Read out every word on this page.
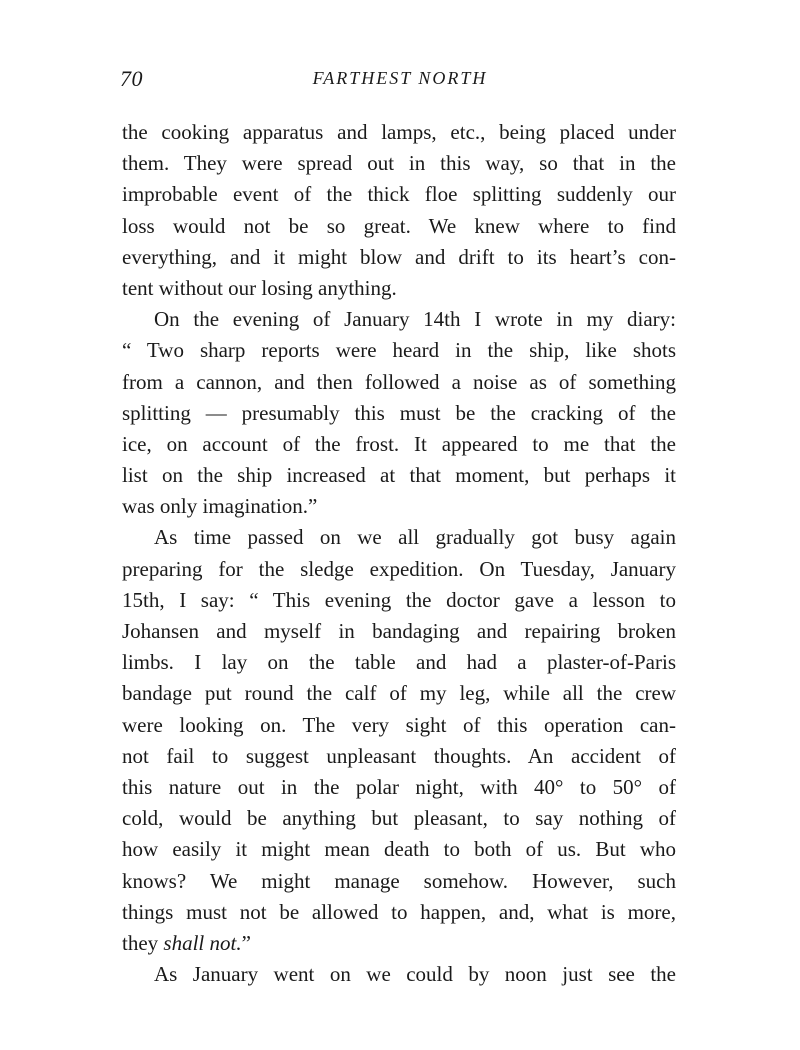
70	FARTHEST NORTH
the cooking apparatus and lamps, etc., being placed under
them. They were spread out in this way, so that in the
improbable event of the thick floe splitting suddenly our
loss would not be so great. We knew where to find
everything, and it might blow and drift to its heart’s con-
tent without our losing anything.
On the evening of January 14th I wrote in my diary:
“ Two sharp reports were heard in the ship, like shots
from a cannon, and then followed a noise as of something
splitting — presumably this must be the cracking of the
ice, on account of the frost. It appeared to me that the
list on the ship increased at that moment, but perhaps it
was only imagination.”
As time passed on we all gradually got busy again
preparing for the sledge expedition. On Tuesday, January
15th, I say: “ This evening the doctor gave a lesson to
Johansen and myself in bandaging and repairing broken
limbs. I lay on the table and had a plaster-of-Paris
bandage put round the calf of my leg, while all the crew
were looking on. The very sight of this operation can-
not fail to suggest unpleasant thoughts. An accident of
this nature out in the polar night, with 40° to 50° of
cold, would be anything but pleasant, to say nothing of
how easily it might mean death to both of us. But who
knows? We might manage somehow. However, such
things must not be allowed to happen, and, what is more,
they shall not.”
As January went on we could by noon just see the
